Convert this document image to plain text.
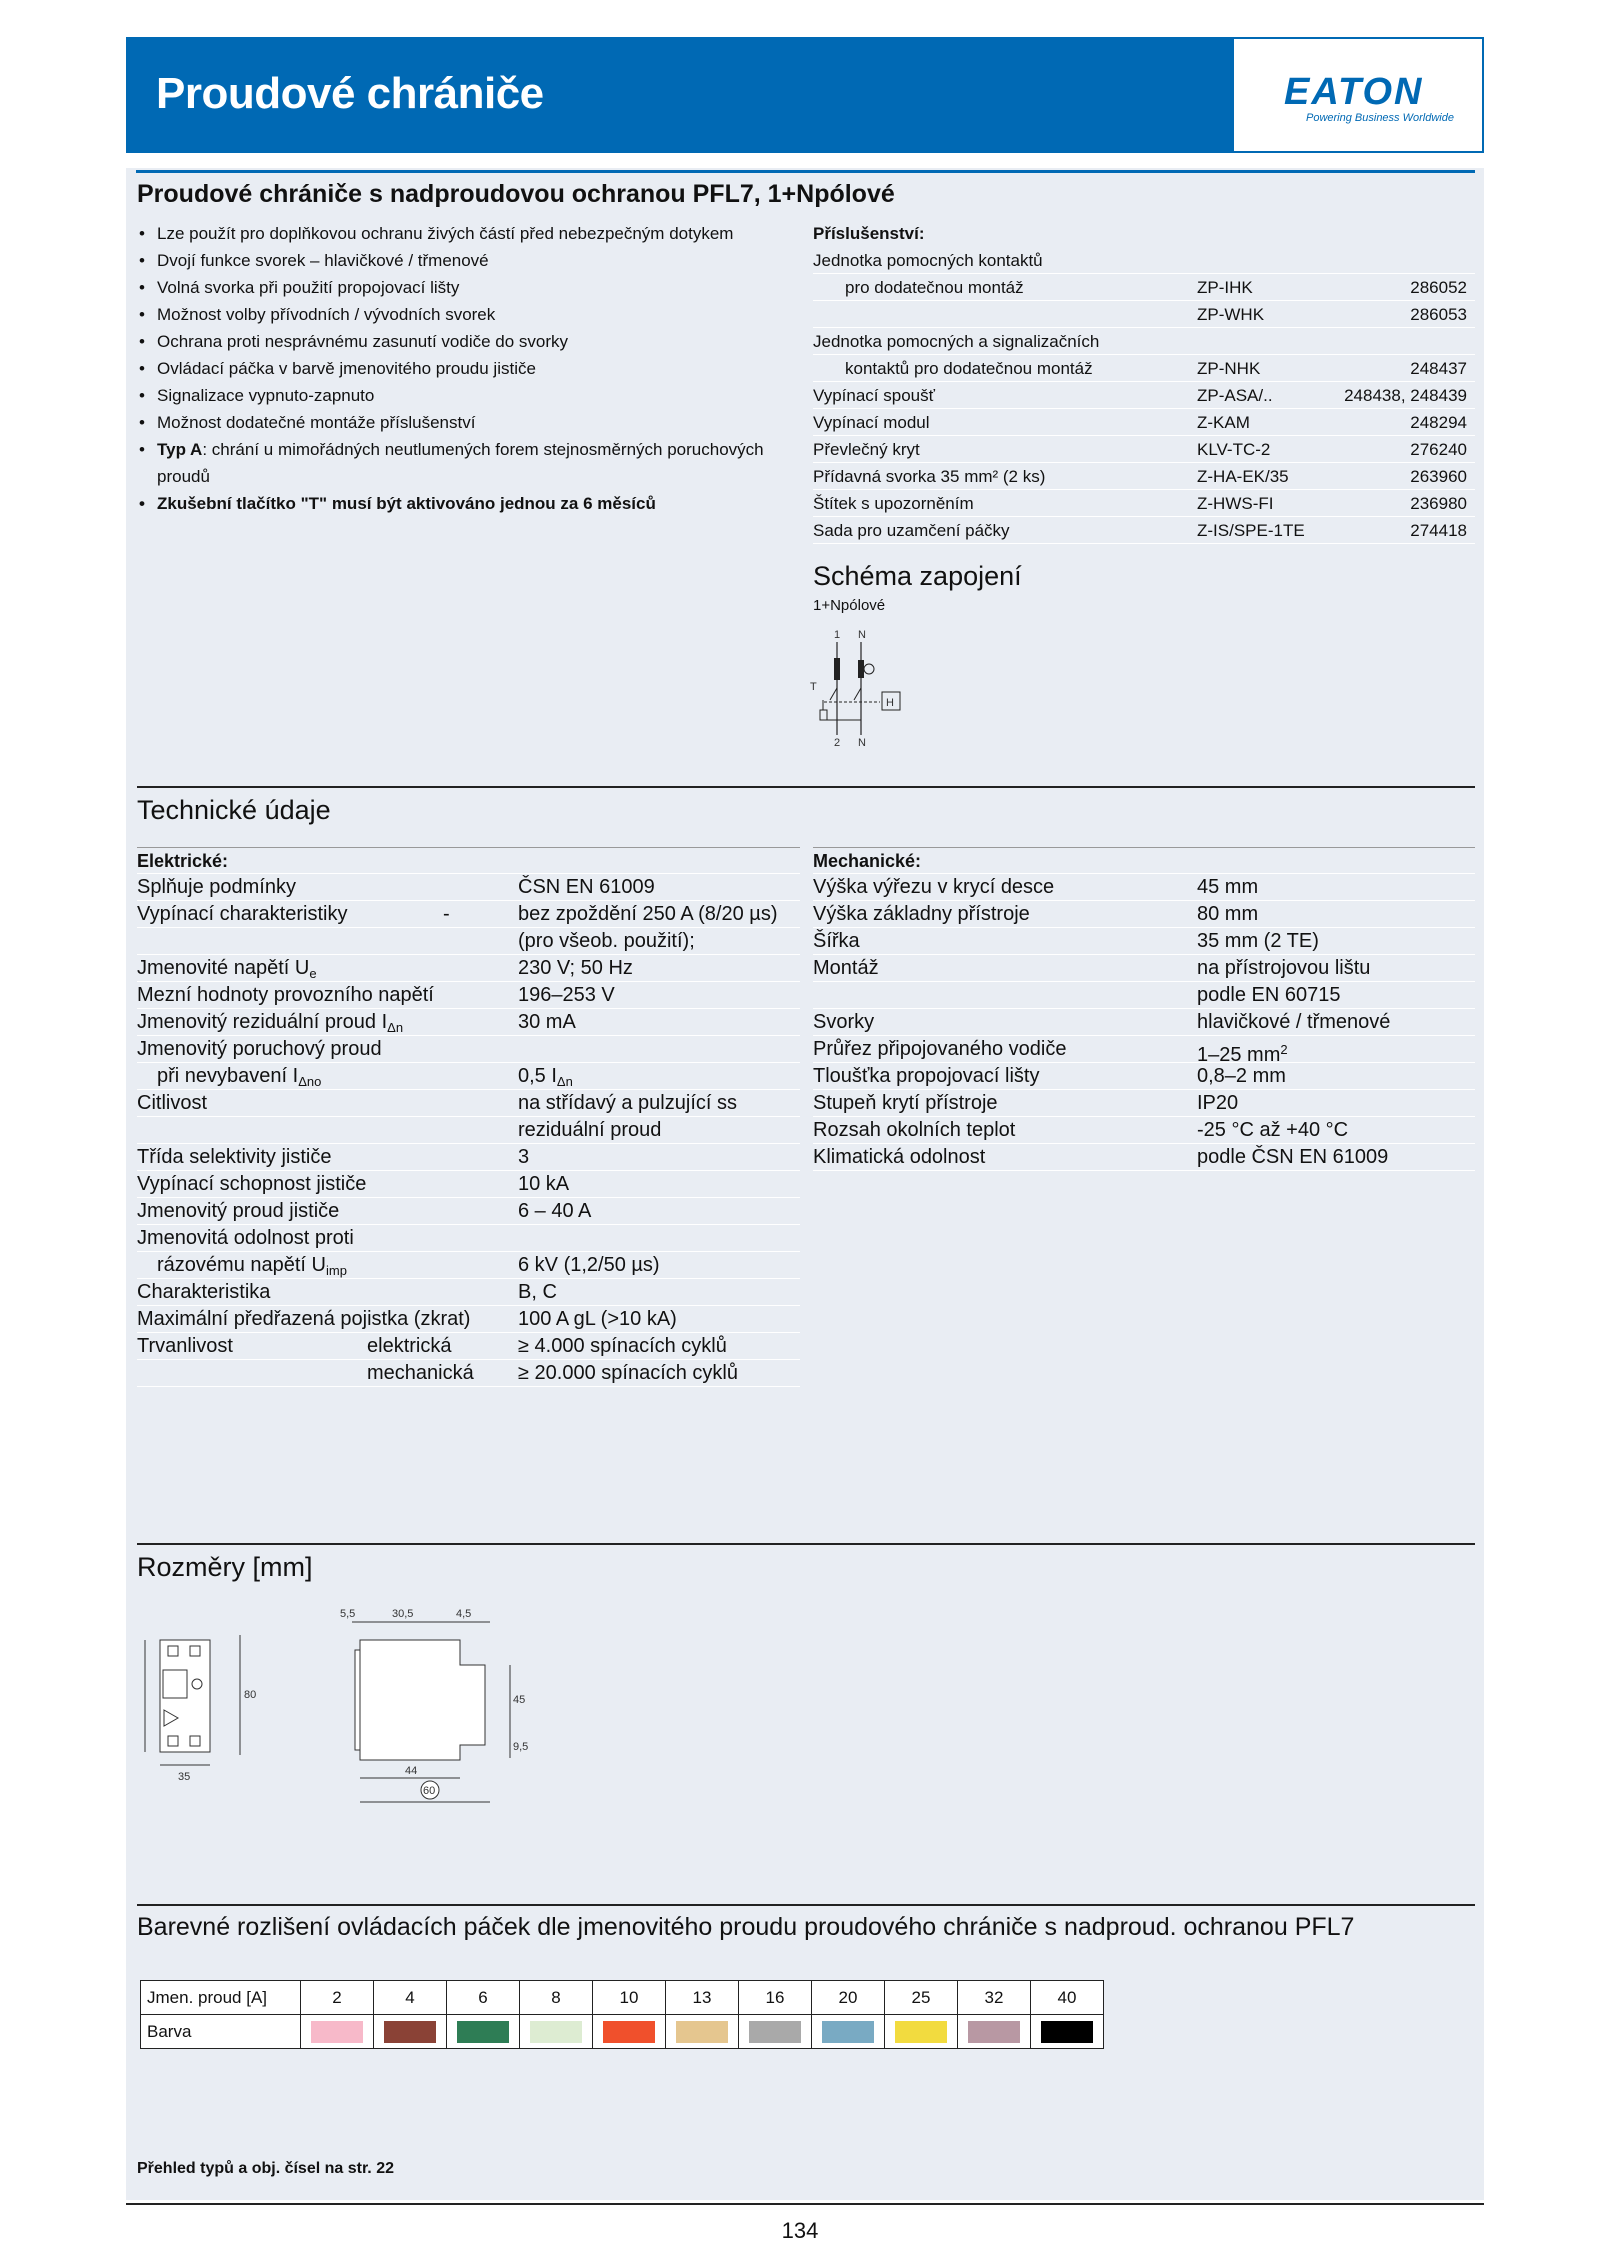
Proudové chrániče	EATON
Powering Business Worldwide
Proudové chrániče s nadproudovou ochranou PFL7, 1+Npólové
• Lze použít pro doplňkovou ochranu živých částí před nebezpečným dotykem
• Dvojí funkce svorek – hlavičkové / třmenové
• Volná svorka při použití propojovací lišty
• Možnost volby přívodních / vývodních svorek
• Ochrana proti nesprávnému zasunutí vodiče do svorky
• Ovládací páčka v barvě jmenovitého proudu jističe
• Signalizace vypnuto-zapnuto
• Možnost dodatečné montáže příslušenství
• Typ A: chrání u mimořádných neutlumených forem stejnosměrných poruchových proudů
• Zkušební tlačítko "T" musí být aktivováno jednou za 6 měsíců
Příslušenství:
Jednotka pomocných kontaktů
pro dodatečnou montáž	ZP-IHK	286052
ZP-WHK	286053
Jednotka pomocných a signalizačních
kontaktů pro dodatečnou montáž	ZP-NHK	248437
Vypínací spoušť	ZP-ASA/..	248438, 248439
Vypínací modul	Z-KAM	248294
Převlečný kryt	KLV-TC-2	276240
Přídavná svorka 35 mm² (2 ks)	Z-HA-EK/35	263960
Štítek s upozorněním	Z-HWS-FI	236980
Sada pro uzamčení páčky	Z-IS/SPE-1TE	274418
Schéma zapojení
1+Npólové
1 N
H
T
2 N
Technické údaje
Elektrické:
Splňuje podmínky	ČSN EN 61009
Vypínací charakteristiky	-	bez zpoždění 250 A (8/20 µs)
(pro všeob. použití);
Jmenovité napětí $U_e$	230 V; 50 Hz
Mezní hodnoty provozního napětí	196–253 V
Jmenovitý reziduální proud $I_{\Delta n}$	30 mA
Jmenovitý poruchový proud
při nevybavení $I_{\Delta no}$	0,5 $I_{\Delta n}$
Citlivost	na střídavý a pulzující ss
reziduální proud
Třída selektivity jističe	3
Vypínací schopnost jističe	10 kA
Jmenovitý proud jističe	6 – 40 A
Jmenovitá odolnost proti
rázovému napětí $U_{imp}$	6 kV (1,2/50 µs)
Charakteristika	B, C
Maximální předřazená pojistka (zkrat) 100 A gL (>10 kA)
Trvanlivost	elektrická	≥ 4.000 spínacích cyklů
mechanická ≥ 20.000 spínacích cyklů
Mechanické:
Výška výřezu v krycí desce	45 mm
Výška základny přístroje	80 mm
Šířka	35 mm (2 TE)
Montáž	na přístrojovou lištu
podle EN 60715
Svorky	hlavičkové / třmenové
Průřez připojovaného vodiče	1–25 $mm^2$
Tloušťka propojovací lišty	0,8–2 mm
Stupeň krytí přístroje	IP20
Rozsah okolních teplot	-25 °C až +40 °C
Klimatická odolnost	podle ČSN EN 61009
Rozměry [mm]
35
80
5,5	30,5	4,5
45
9,5
44
60
Barevné rozlišení ovládacích páček dle jmenovitého proudu proudového chrániče s nadproud. ochranou PFL7
Jmen. proud [A]	2	4	6	8	10	13	16	20	25	32	40
Barva											
Přehled typů a obj. čísel na str. 22
134
